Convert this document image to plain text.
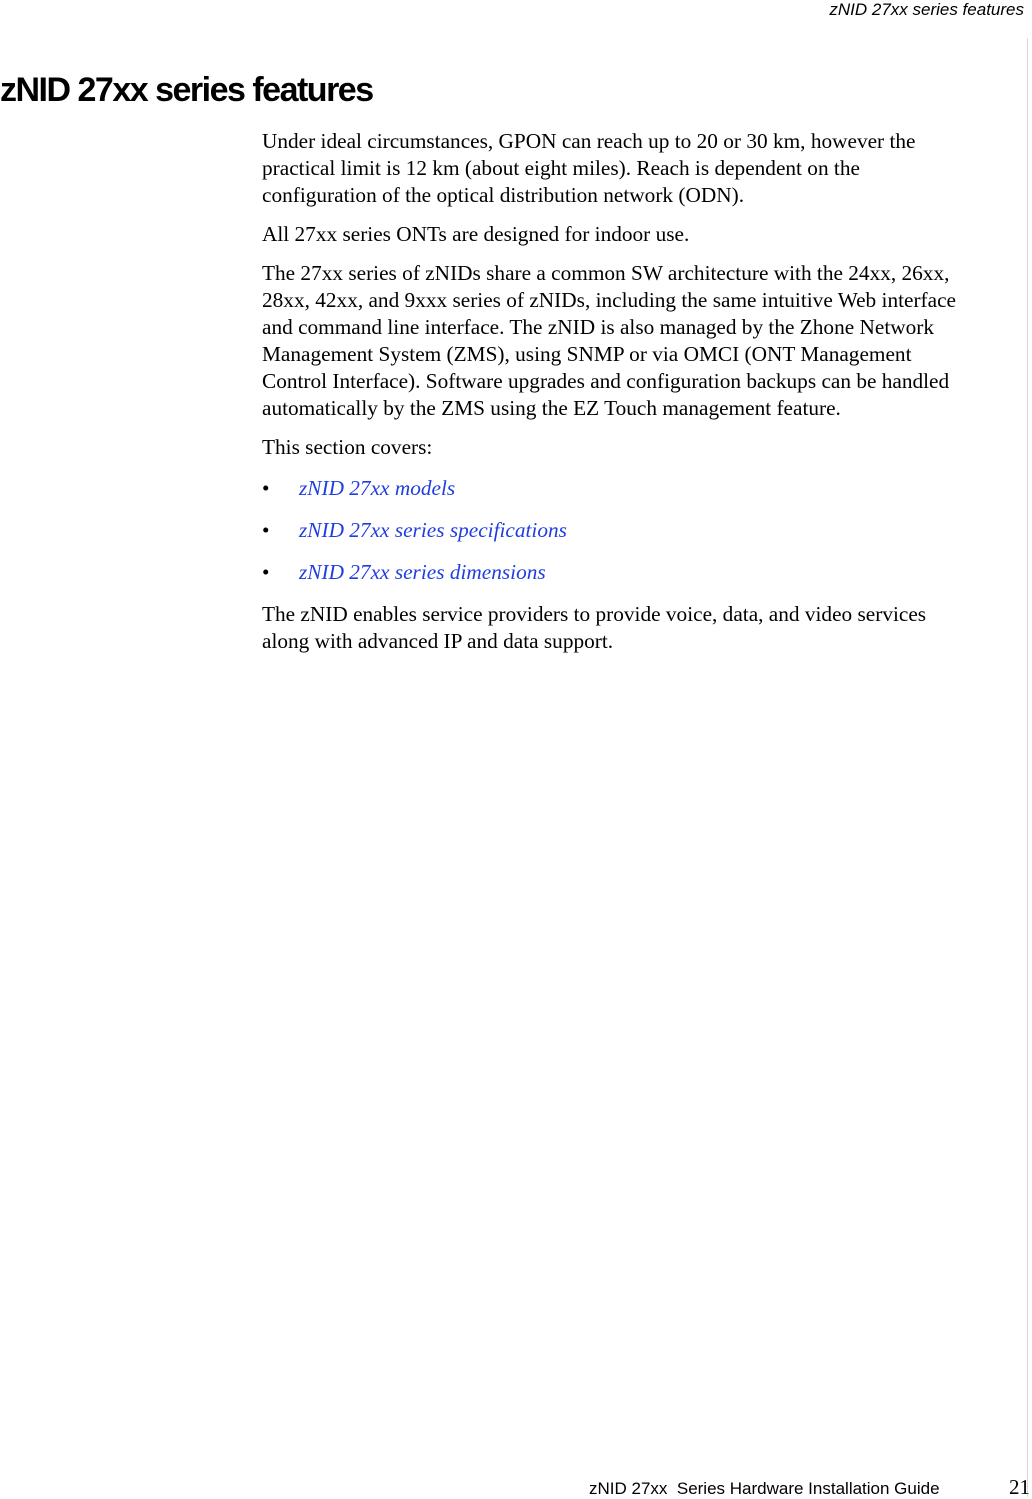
zNID 27xx series features
zNID 27xx series features

Under ideal circumstances, GPON can reach up to 20 or 30 km, however the practical limit is 12 km (about eight miles). Reach is dependent on the configuration of the optical distribution network (ODN).

All 27xx series ONTs are designed for indoor use.

The 27xx series of zNIDs share a common SW architecture with the 24xx, 26xx, 28xx, 42xx, and 9xxx series of zNIDs, including the same intuitive Web interface and command line interface. The zNID is also managed by the Zhone Network Management System (ZMS), using SNMP or via OMCI (ONT Management Control Interface). Software upgrades and configuration backups can be handled automatically by the ZMS using the EZ Touch management feature.

This section covers:

• zNID 27xx models
• zNID 27xx series specifications
• zNID 27xx series dimensions

The zNID enables service providers to provide voice, data, and video services along with advanced IP and data support.

zNID 27xx  Series Hardware Installation Guide	21
